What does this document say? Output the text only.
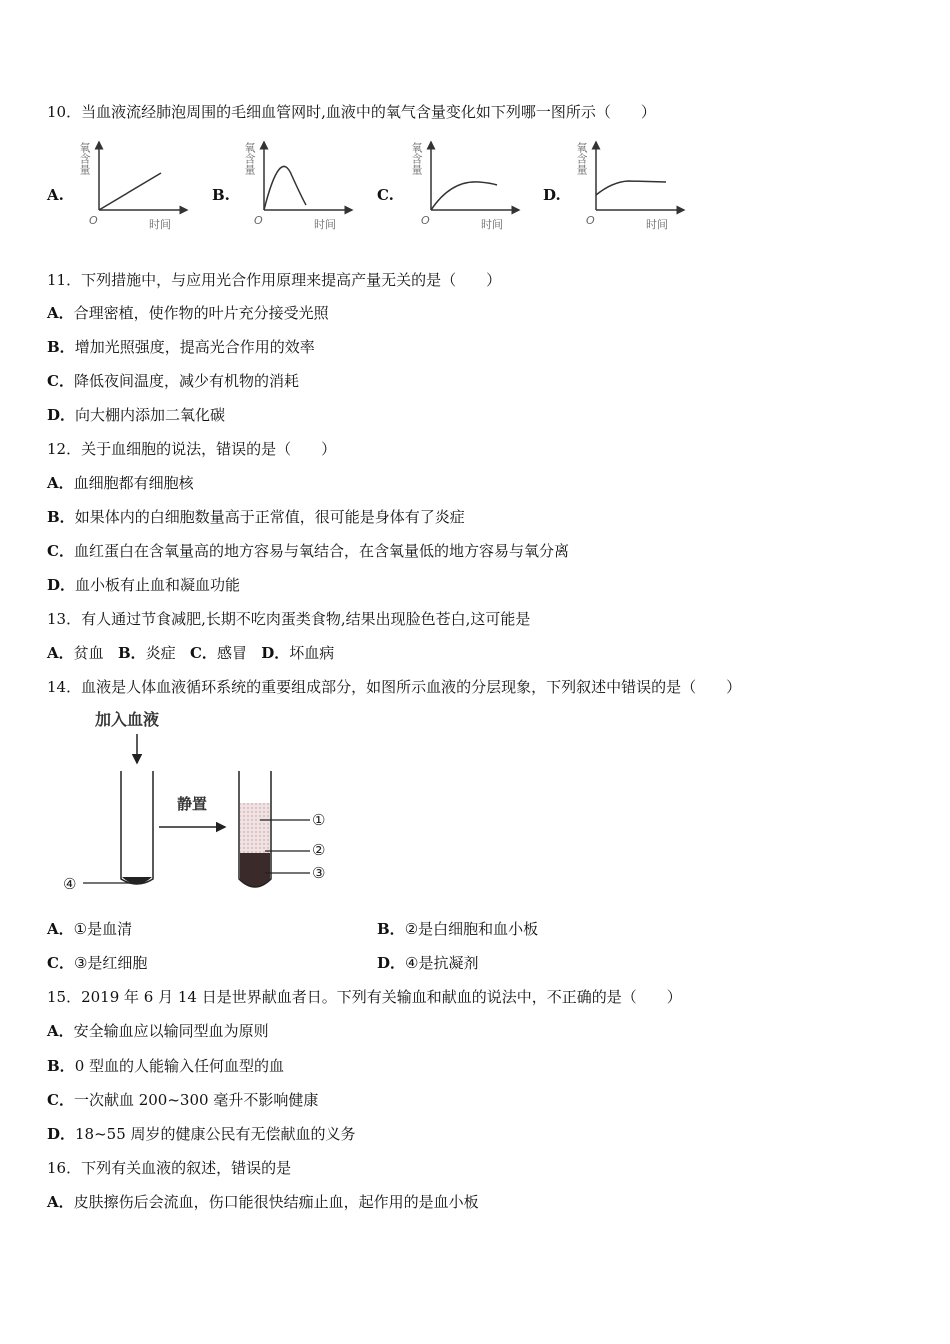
10．当血液流经肺泡周围的毛细血管网时,血液中的氧气含量变化如下列哪一图所示（　　）
A.	B.	C.	D.
O	时间
氧含量
O	时间
氧含量
O	时间
氧含量
O	时间
氧含量
11．下列措施中，与应用光合作用原理来提高产量无关的是（　　）
A．合理密植，使作物的叶片充分接受光照
B．增加光照强度，提高光合作用的效率
C．降低夜间温度，减少有机物的消耗
D．向大棚内添加二氧化碳
12．关于血细胞的说法，错误的是（　　）
A．血细胞都有细胞核
B．如果体内的白细胞数量高于正常值，很可能是身体有了炎症
C．血红蛋白在含氧量高的地方容易与氧结合，在含氧量低的地方容易与氧分离
D．血小板有止血和凝血功能
13．有人通过节食减肥,长期不吃肉蛋类食物,结果出现脸色苍白,这可能是
A．贫血 B．炎症 C．感冒 D．坏血病
14．血液是人体血液循环系统的重要组成部分，如图所示血液的分层现象，下列叙述中错误的是（　　）
加入血液
④
静置
①
②
③
A．①是血清	B．②是白细胞和血小板
C．③是红细胞	D．④是抗凝剂
15．2019 年 6 月 14 日是世界献血者日。下列有关输血和献血的说法中，不正确的是（　　）
A．安全输血应以输同型血为原则
B．0 型血的人能输入任何血型的血
C．一次献血 200~300 毫升不影响健康
D．18~55 周岁的健康公民有无偿献血的义务
16．下列有关血液的叙述，错误的是
A．皮肤擦伤后会流血，伤口能很快结痂止血，起作用的是血小板
